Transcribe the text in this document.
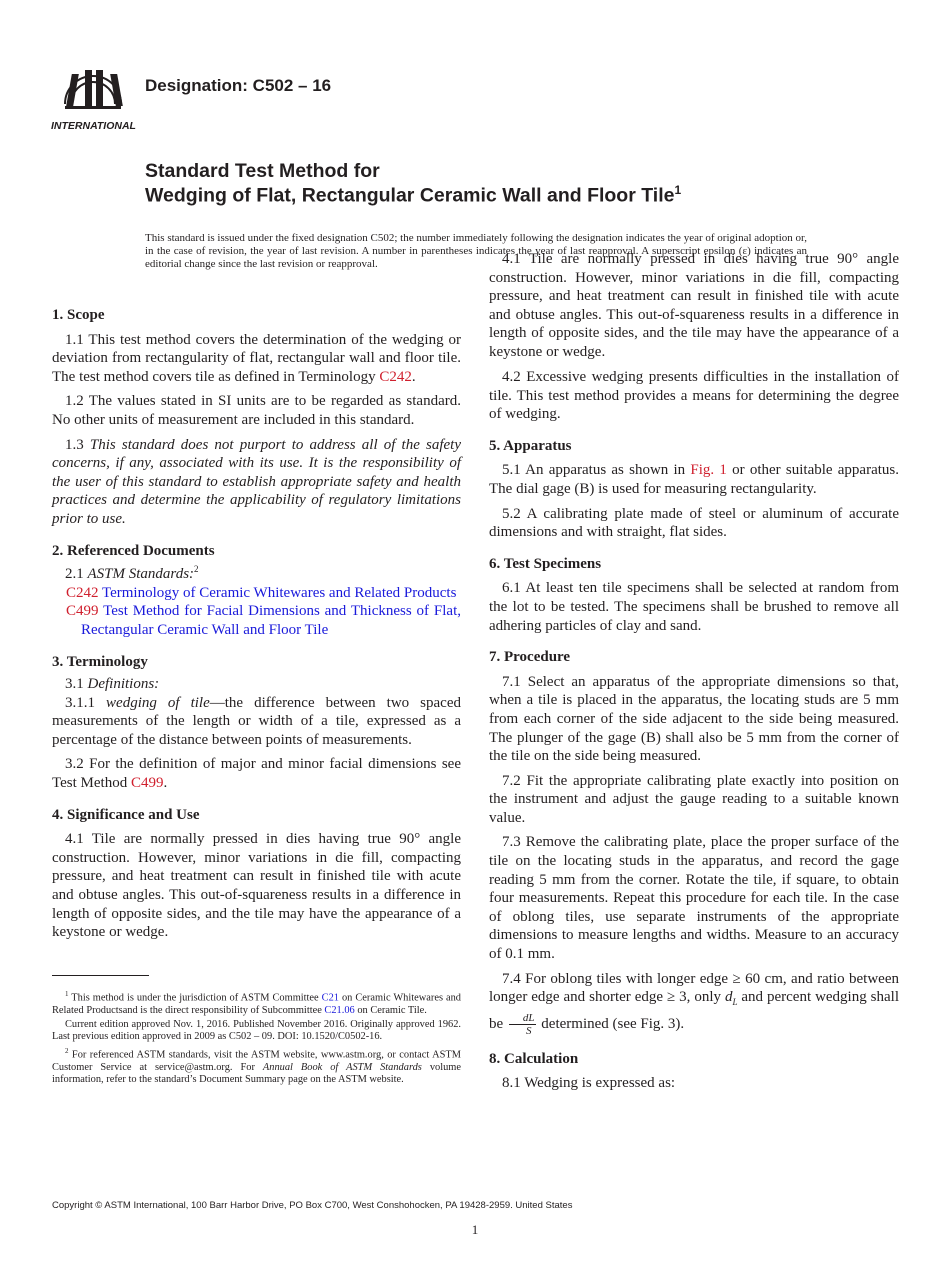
INTERNATIONAL
Designation: C502 – 16
Standard Test Method for
Wedging of Flat, Rectangular Ceramic Wall and Floor Tile$^1$
This standard is issued under the fixed designation C502; the number immediately following the designation indicates the year of original adoption or, in the case of revision, the year of last revision. A number in parentheses indicates the year of last reapproval. A superscript epsilon (ε) indicates an editorial change since the last revision or reapproval.
1. Scope

1.1 This test method covers the determination of the wedging or deviation from rectangularity of flat, rectangular wall and floor tile. The test method covers tile as defined in Terminology C242.

1.2 The values stated in SI units are to be regarded as standard. No other units of measurement are included in this standard.

1.3 This standard does not purport to address all of the safety concerns, if any, associated with its use. It is the responsibility of the user of this standard to establish appropriate safety and health practices and determine the applicability of regulatory limitations prior to use.

2. Referenced Documents

2.1 ASTM Standards:$^2$

C242 Terminology of Ceramic Whitewares and Related Products

C499 Test Method for Facial Dimensions and Thickness of Flat, Rectangular Ceramic Wall and Floor Tile

3. Terminology

3.1 Definitions:

3.1.1 wedging of tile—the difference between two spaced measurements of the length or width of a tile, expressed as a percentage of the distance between points of measurements.

3.2 For the definition of major and minor facial dimensions see Test Method C499.

4. Significance and Use

4.1 Tile are normally pressed in dies having true 90° angle construction. However, minor variations in die fill, compacting pressure, and heat treatment can result in finished tile with acute and obtuse angles. This out-of-squareness results in a difference in length of opposite sides, and the tile may have the appearance of a keystone or wedge.

$^1$ This method is under the jurisdiction of ASTM Committee C21 on Ceramic Whitewares and Related Productsand is the direct responsibility of Subcommittee C21.06 on Ceramic Tile.

Current edition approved Nov. 1, 2016. Published November 2016. Originally approved 1962. Last previous edition approved in 2009 as C502 – 09. DOI: 10.1520/C0502-16.

$^2$ For referenced ASTM standards, visit the ASTM website, www.astm.org, or contact ASTM Customer Service at service@astm.org. For Annual Book of ASTM Standards volume information, refer to the standard’s Document Summary page on the ASTM website.

4.1 Tile are normally pressed in dies having true 90° angle construction. However, minor variations in die fill, compacting pressure, and heat treatment can result in finished tile with acute and obtuse angles. This out-of-squareness results in a difference in length of opposite sides, and the tile may have the appearance of a keystone or wedge.

4.2 Excessive wedging presents difficulties in the installation of tile. This test method provides a means for determining the degree of wedging.

5. Apparatus

5.1 An apparatus as shown in Fig. 1 or other suitable apparatus. The dial gage (B) is used for measuring rectangularity.

5.2 A calibrating plate made of steel or aluminum of accurate dimensions and with straight, flat sides.

6. Test Specimens

6.1 At least ten tile specimens shall be selected at random from the lot to be tested. The specimens shall be brushed to remove all adhering particles of clay and sand.

7. Procedure

7.1 Select an apparatus of the appropriate dimensions so that, when a tile is placed in the apparatus, the locating studs are 5 mm from each corner of the side adjacent to the side being measured. The plunger of the gage (B) shall also be 5 mm from the corner of the tile on the side being measured.

7.2 Fit the appropriate calibrating plate exactly into position on the instrument and adjust the gauge reading to a suitable known value.

7.3 Remove the calibrating plate, place the proper surface of the tile on the locating studs in the apparatus, and record the gage reading 5 mm from the corner. Rotate the tile, if square, to obtain four measurements. Repeat this procedure for each tile. In the case of oblong tiles, use separate instruments of the appropriate dimensions to measure lengths and widths. Measure to an accuracy of 0.1 mm.

7.4 For oblong tiles with longer edge ≥ 60 cm, and ratio between longer edge and shorter edge ≥ 3, only $d_L$ and percent wedging shall be $\frac{dL}{S}$ determined (see Fig. 3).

8. Calculation

8.1 Wedging is expressed as:

Copyright © ASTM International, 100 Barr Harbor Drive, PO Box C700, West Conshohocken, PA 19428-2959. United States
1
